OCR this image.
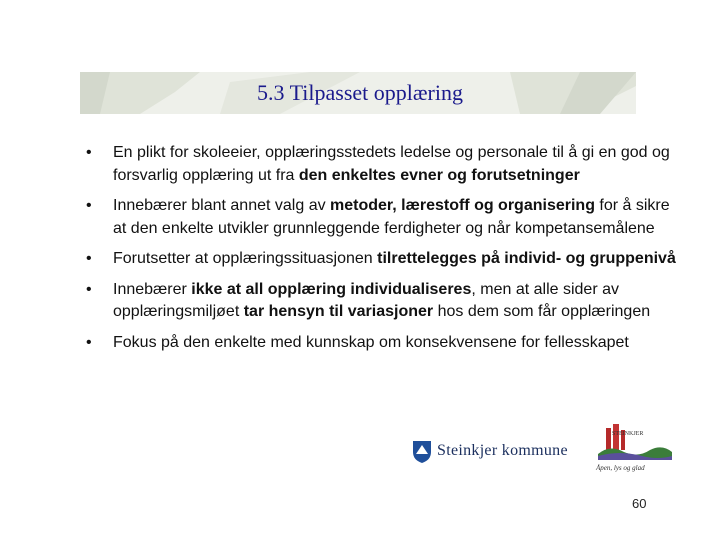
5.3 Tilpasset opplæring
• En plikt for skoleeier, opplæringsstedets ledelse og personale til å gi en god og forsvarlig opplæring ut fra den enkeltes evner og forutsetninger
• Innebærer blant annet valg av metoder, lærestoff og organisering for å sikre at den enkelte utvikler grunnleggende ferdigheter og når kompetansemålene
• Forutsetter at opplæringssituasjonen tilrettelegges på individ- og gruppenivå
• Innebærer ikke at all opplæring individualiseres, men at alle sider av opplæringsmiljøet tar hensyn til variasjoner hos dem som får opplæringen
• Fokus på den enkelte med kunnskap om konsekvensene for fellesskapet
Steinkjer kommune
STEINKJER
Åpen, lys og glad
60
